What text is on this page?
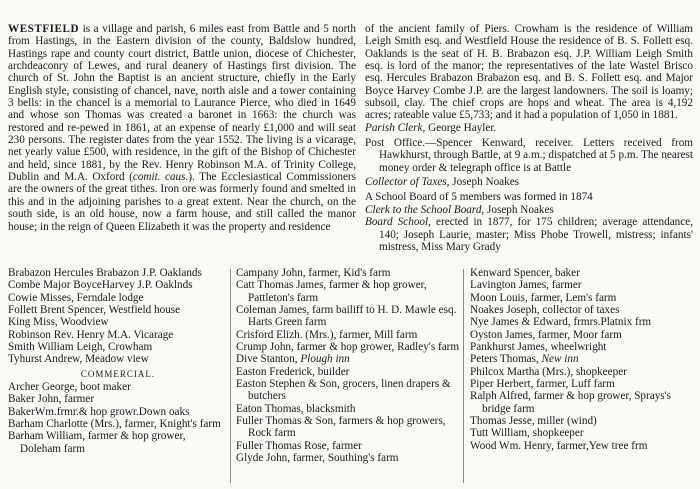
WESTFIELD is a village and parish, 6 miles east from Battle and 5 north from Hastings, in the Eastern division of the county, Baldslow hundred, Hastings rape and county court district, Battle union, diocese of Chichester, archdeaconry of Lewes, and rural deanery of Hastings first division. The church of St. John the Baptist is an ancient structure, chiefly in the Early English style, consisting of chancel, nave, north aisle and a tower containing 3 bells: in the chancel is a memorial to Laurance Pierce, who died in 1649 and whose son Thomas was created a baronet in 1663: the church was restored and re-pewed in 1861, at an expense of nearly £1,000 and will seat 230 persons. The register dates from the year 1552. The living is a vicarage, net yearly value £500, with residence, in the gift of the Bishop of Chichester and held, since 1881, by the Rev. Henry Robinson M.A. of Trinity College, Dublin and M.A. Oxford (comit. caus.). The Ecclesiastical Commissioners are the owners of the great tithes. Iron ore was formerly found and smelted in this and in the adjoining parishes to a great extent. Near the church, on the south side, is an old house, now a farm house, and still called the manor house; in the reign of Queen Elizabeth it was the property and residence

of the ancient family of Piers. Crowham is the residence of William Leigh Smith esq. and Westfield House the residence of B. S. Follett esq. Oaklands is the seat of H. B. Brabazon esq. J.P. William Leigh Smith esq. is lord of the manor; the representatives of the late Wastel Brisco esq. Hercules Brabazon Brabazon esq. and B. S. Follett esq. and Major Boyce Harvey Combe J.P. are the largest landowners. The soil is loamy; subsoil, clay. The chief crops are hops and wheat. The area is 4,192 acres; rateable value £5,733; and it had a population of 1,050 in 1881.

Parish Clerk, George Hayler.

Post Office.—Spencer Kenward, receiver. Letters received from Hawkhurst, through Battle, at 9 a.m.; dispatched at 5 p.m. The nearest money order & telegraph office is at Battle

Collector of Taxes, Joseph Noakes

A School Board of 5 members was formed in 1874

Clerk to the School Board, Joseph Noakes

Board School, erected in 1877, for 175 children; average attendance, 140; Joseph Laurie, master; Miss Phobe Trowell, mistress; infants' mistress, Miss Mary Grady

Brabazon Hercules Brabazon J.P. Oaklands

Combe Major BoyceHarvey J.P. Oaklnds

Cowie Misses, Ferndale lodge

Follett Brent Spencer, Westfield house

King Miss, Woodview

Robinson Rev. Henry M.A. Vicarage

Smith William Leigh, Crowham

Tyhurst Andrew, Meadow view

COMMERCIAL.

Archer George, boot maker

Baker John, farmer

BakerWm.frmr.& hop growr.Down oaks

Barham Charlotte (Mrs.), farmer, Knight's farm

Barham William, farmer & hop grower, Doleham farm

Campany John, farmer, Kid's farm

Catt Thomas James, farmer & hop grower, Pattleton's farm

Coleman James, farm bailiff to H. D. Mawle esq. Harts Green farm

Crisford Elizh. (Mrs.), farmer, Mill farm

Crump John, farmer & hop grower, Radley's farm

Dive Stanton, Plough inn

Easton Frederick, builder

Easton Stephen & Son, grocers, linen drapers & butchers

Eaton Thomas, blacksmith

Fuller Thomas & Son, farmers & hop growers, Rock farm

Fuller Thomas Rose, farmer

Glyde John, farmer, Southing's farm

Kenward Spencer, baker

Lavington James, farmer

Moon Louis, farmer, Lem's farm

Noakes Joseph, collector of taxes

Nye James & Edward, frmrs.Platnix frm

Oyston James, farmer, Moor farm

Pankhurst James, wheelwright

Peters Thomas, New inn

Philcox Martha (Mrs.), shopkeeper

Piper Herbert, farmer, Luff farm

Ralph Alfred, farmer & hop grower, Sprays's bridge farm

Thomas Jesse, miller (wind)

Tutt William, shopkeeper

Wood Wm. Henry, farmer,Yew tree frm
